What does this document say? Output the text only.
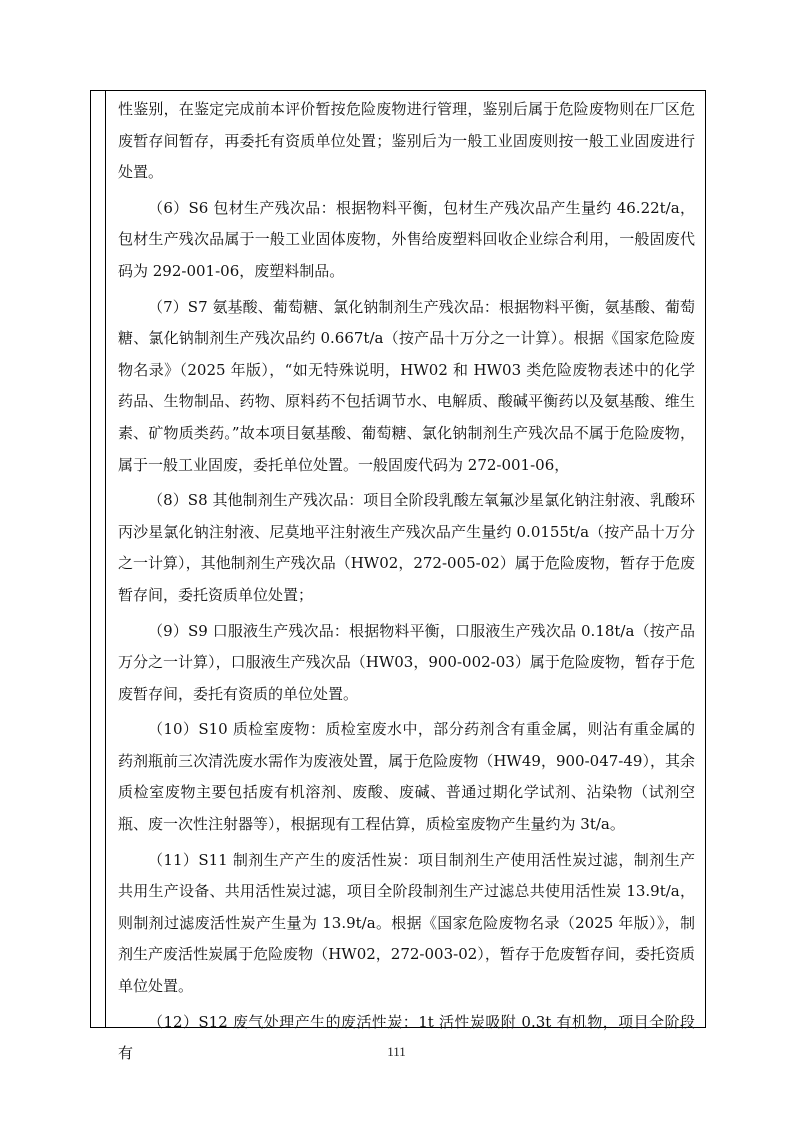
性鉴别，在鉴定完成前本评价暂按危险废物进行管理，鉴别后属于危险废物则在厂区危废暂存间暂存，再委托有资质单位处置；鉴别后为一般工业固废则按一般工业固废进行处置。

（6）S6 包材生产残次品：根据物料平衡，包材生产残次品产生量约 46.22t/a，包材生产残次品属于一般工业固体废物，外售给废塑料回收企业综合利用，一般固废代码为 292-001-06，废塑料制品。

（7）S7 氨基酸、葡萄糖、氯化钠制剂生产残次品：根据物料平衡，氨基酸、葡萄糖、氯化钠制剂生产残次品约 0.667t/a（按产品十万分之一计算）。根据《国家危险废物名录》（2025 年版），“如无特殊说明，HW02 和 HW03 类危险废物表述中的化学药品、生物制品、药物、原料药不包括调节水、电解质、酸碱平衡药以及氨基酸、维生素、矿物质类药。”故本项目氨基酸、葡萄糖、氯化钠制剂生产残次品不属于危险废物，属于一般工业固废，委托单位处置。一般固废代码为 272-001-06，

（8）S8 其他制剂生产残次品：项目全阶段乳酸左氧氟沙星氯化钠注射液、乳酸环丙沙星氯化钠注射液、尼莫地平注射液生产残次品产生量约 0.0155t/a（按产品十万分之一计算），其他制剂生产残次品（HW02，272-005-02）属于危险废物，暂存于危废暂存间，委托资质单位处置；

（9）S9 口服液生产残次品：根据物料平衡，口服液生产残次品 0.18t/a（按产品万分之一计算），口服液生产残次品（HW03，900-002-03）属于危险废物，暂存于危废暂存间，委托有资质的单位处置。

（10）S10 质检室废物：质检室废水中，部分药剂含有重金属，则沾有重金属的药剂瓶前三次清洗废水需作为废液处置，属于危险废物（HW49，900-047-49），其余质检室废物主要包括废有机溶剂、废酸、废碱、普通过期化学试剂、沾染物（试剂空瓶、废一次性注射器等），根据现有工程估算，质检室废物产生量约为 3t/a。

（11）S11 制剂生产产生的废活性炭：项目制剂生产使用活性炭过滤，制剂生产共用生产设备、共用活性炭过滤，项目全阶段制剂生产过滤总共使用活性炭 13.9t/a，则制剂过滤废活性炭产生量为 13.9t/a。根据《国家危险废物名录（2025 年版）》，制剂生产废活性炭属于危险废物（HW02，272-003-02），暂存于危废暂存间，委托资质单位处置。

（12）S12 废气处理产生的废活性炭：1t 活性炭吸附 0.3t 有机物，项目全阶段有	111
